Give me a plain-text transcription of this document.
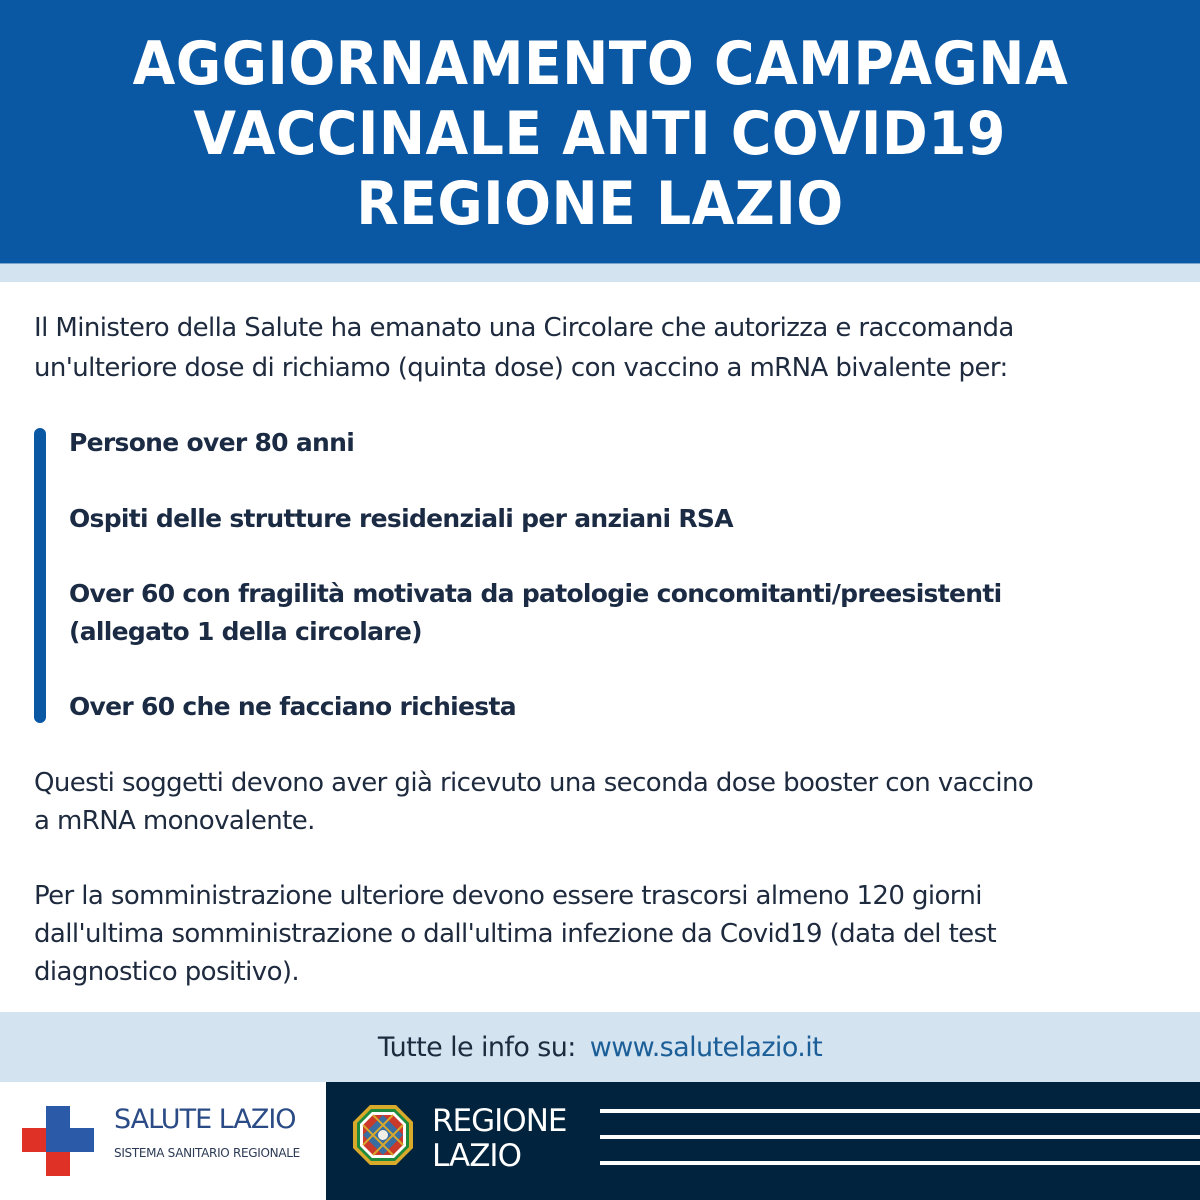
AGGIORNAMENTO CAMPAGNA
VACCINALE ANTI COVID19
REGIONE LAZIO
Il Ministero della Salute ha emanato una Circolare che autorizza e raccomanda
un'ulteriore dose di richiamo (quinta dose) con vaccino a mRNA bivalente per:
Persone over 80 anni
Ospiti delle strutture residenziali per anziani RSA
Over 60 con fragilità motivata da patologie concomitanti/preesistenti
(allegato 1 della circolare)
Over 60 che ne facciano richiesta
Questi soggetti devono aver già ricevuto una seconda dose booster con vaccino
a mRNA monovalente.
Per la somministrazione ulteriore devono essere trascorsi almeno 120 giorni
dall'ultima somministrazione o dall'ultima infezione da Covid19 (data del test
diagnostico positivo).
Tutte le info su: www.salutelazio.it
SALUTE LAZIO
SISTEMA SANITARIO REGIONALE
REGIONE
LAZIO
